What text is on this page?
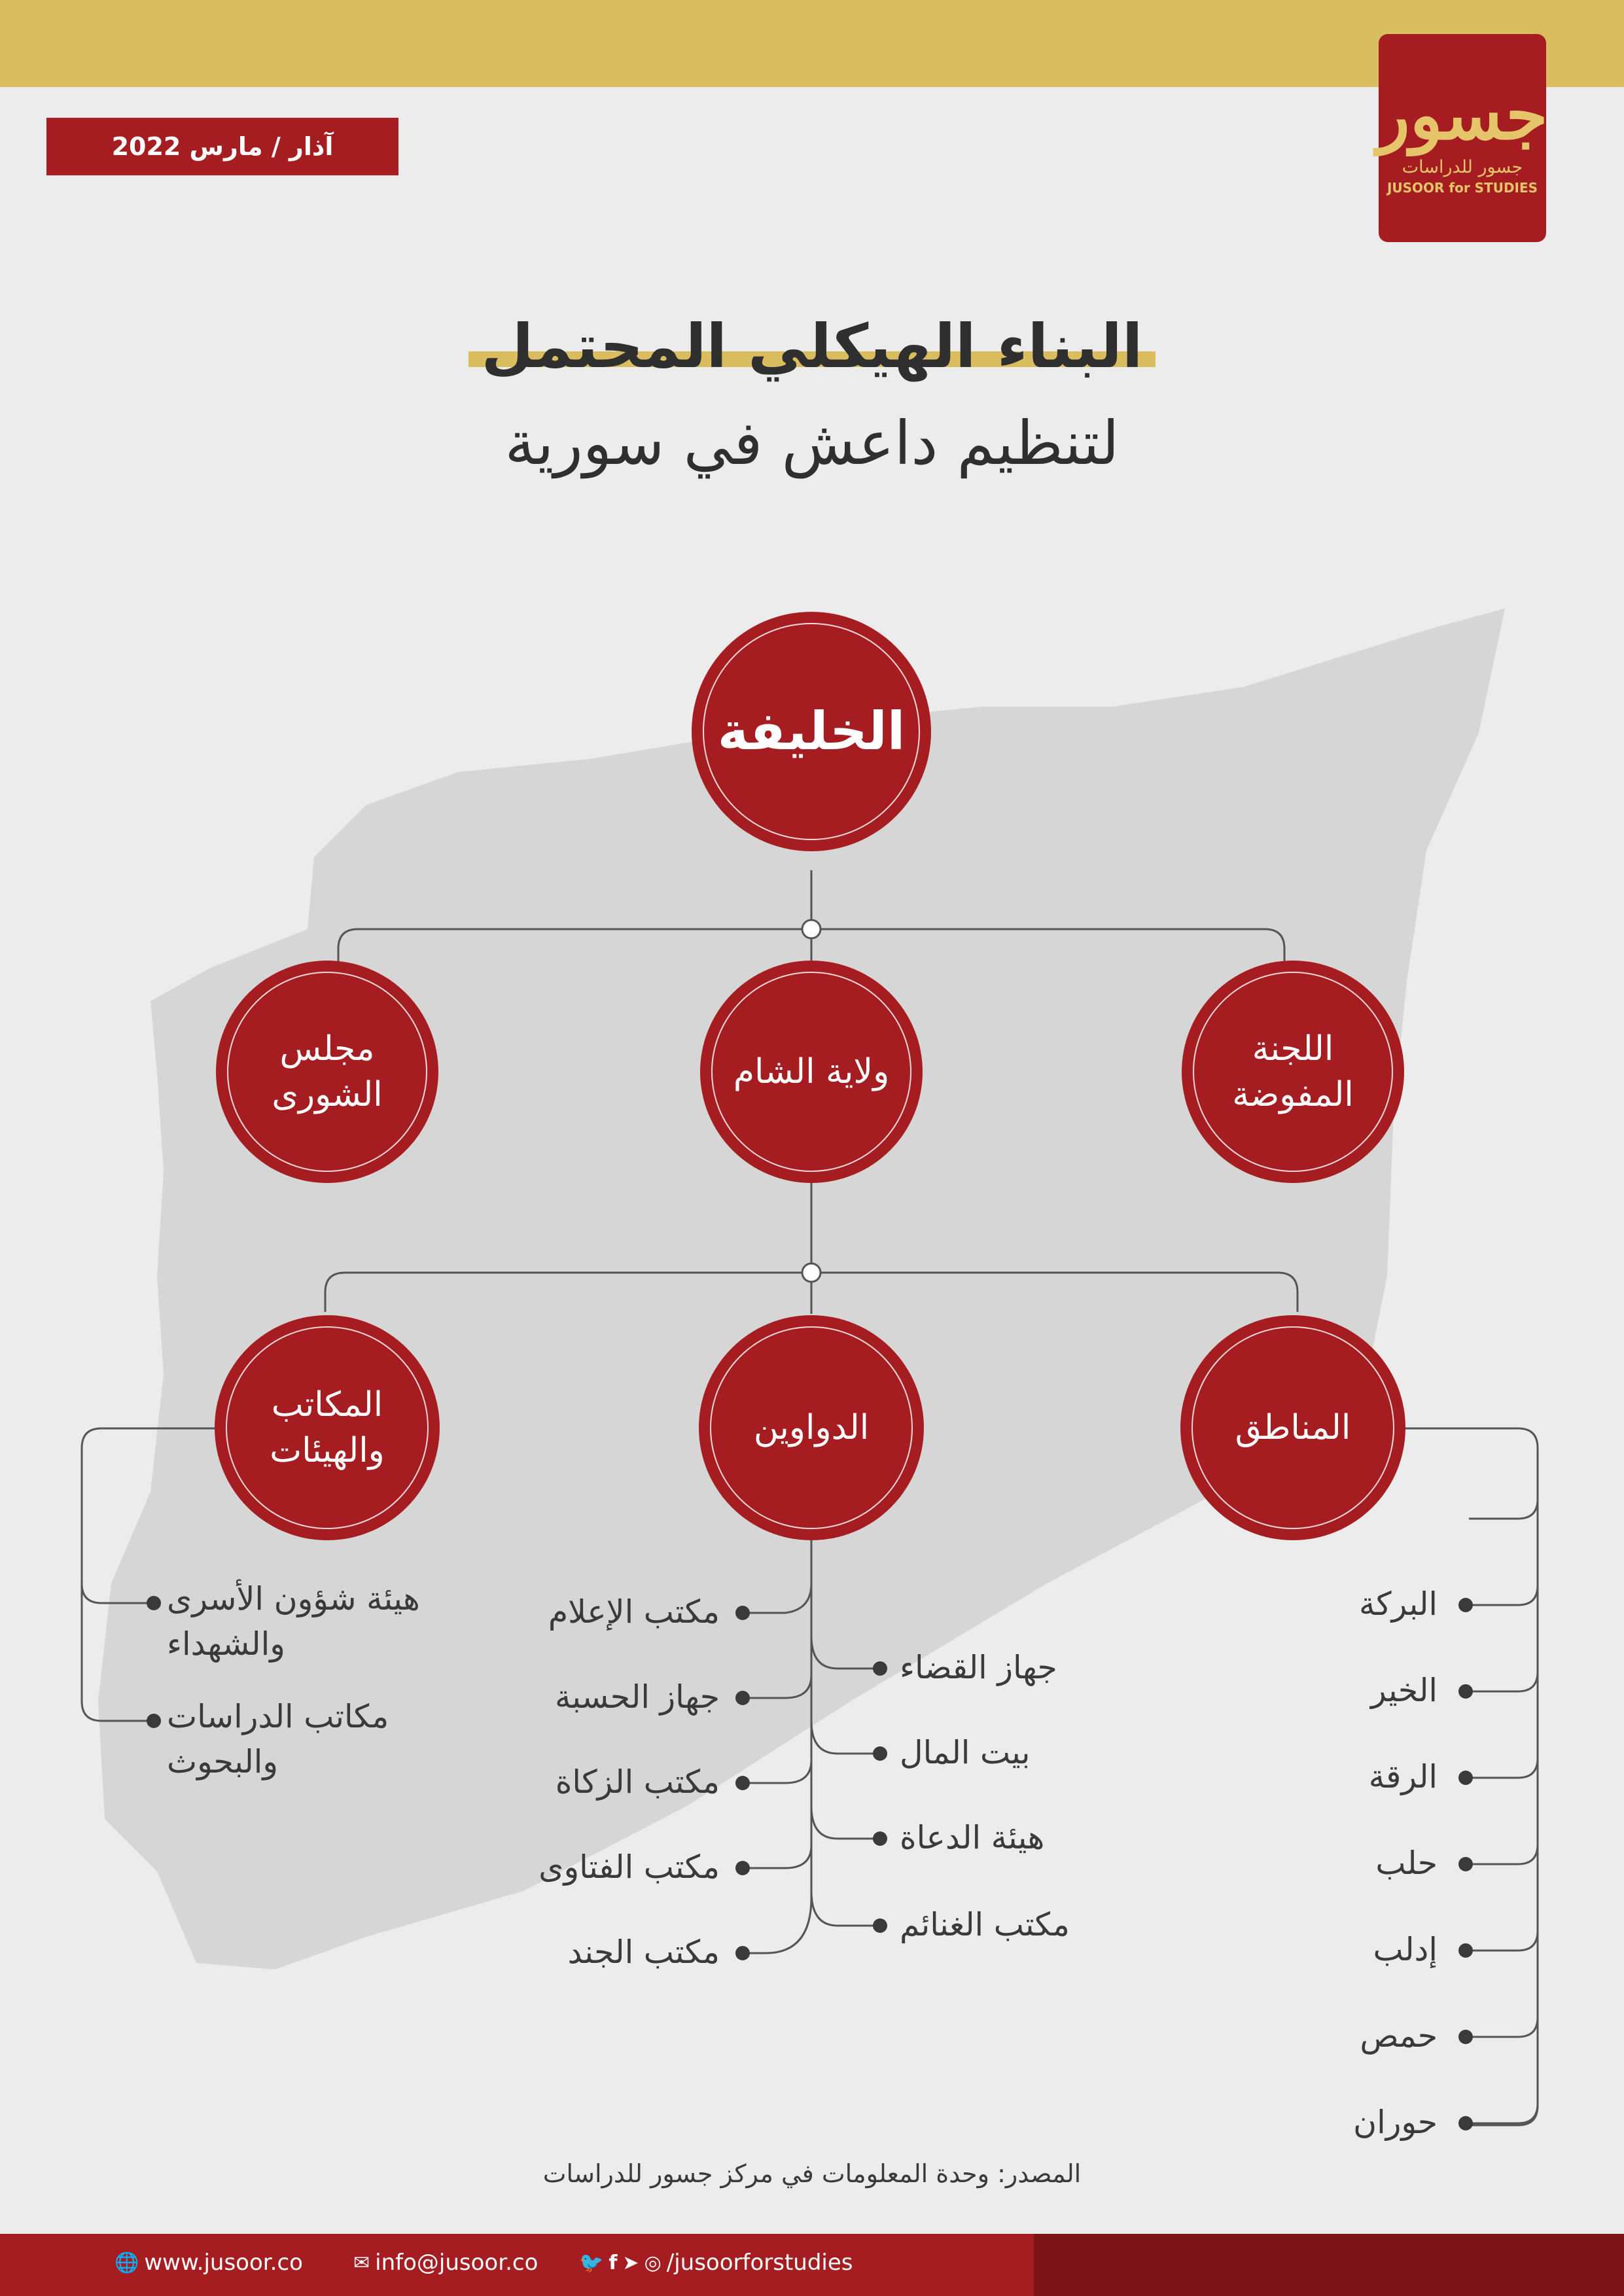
آذار / مارس 2022	جسور
جسور للدراسات
JUSOOR for STUDIES
البناء الهيكلي المحتمل
لتنظيم داعش في سورية
الخليفة
اللجنة المفوضة
ولاية الشام
مجلس الشورى
المناطق
الدواوين
المكاتب والهيئات
البركة
الخير
الرقة
حلب
إدلب
حمص
حوران
جهاز القضاء
بيت المال
هيئة الدعاة
مكتب الغنائم
مكتب الإعلام
جهاز الحسبة
مكتب الزكاة
مكتب الفتاوى
مكتب الجند
هيئة شؤون الأسرى والشهداء
مكاتب الدراسات والبحوث
المصدر: وحدة المعلومات في مركز جسور للدراسات
🌐 www.jusoor.co	✉ info@jusoor.co 🐦 f ➤ ◎ /jusoorforstudies
